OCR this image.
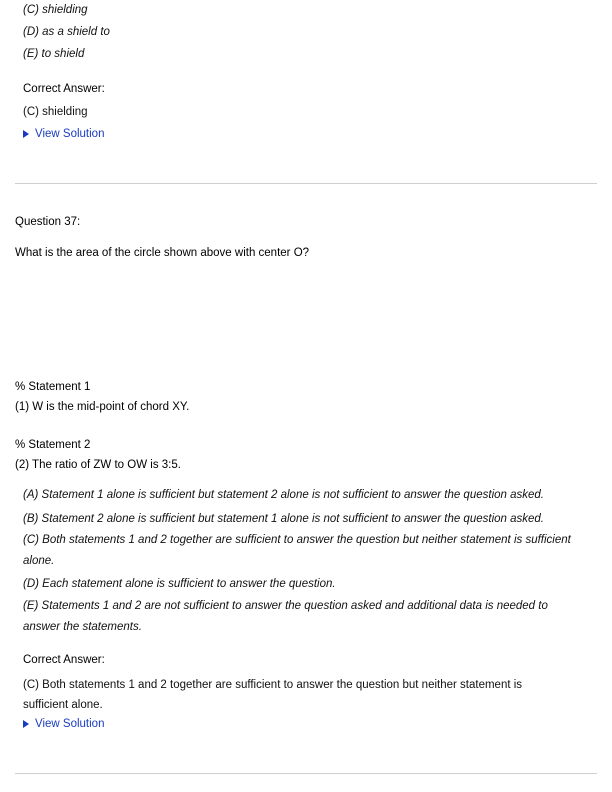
(C) shielding
(D) as a shield to
(E) to shield
Correct Answer:
(C) shielding
View Solution
Question 37:
What is the area of the circle shown above with center O?
% Statement 1
(1) W is the mid-point of chord XY.
% Statement 2
(2) The ratio of ZW to OW is 3:5.
(A) Statement 1 alone is sufficient but statement 2 alone is not sufficient to answer the question asked.
(B) Statement 2 alone is sufficient but statement 1 alone is not sufficient to answer the question asked.
(C) Both statements 1 and 2 together are sufficient to answer the question but neither statement is sufficient alone.
(D) Each statement alone is sufficient to answer the question.
(E) Statements 1 and 2 are not sufficient to answer the question asked and additional data is needed to answer the statements.
Correct Answer:
(C) Both statements 1 and 2 together are sufficient to answer the question but neither statement is sufficient alone.
View Solution
